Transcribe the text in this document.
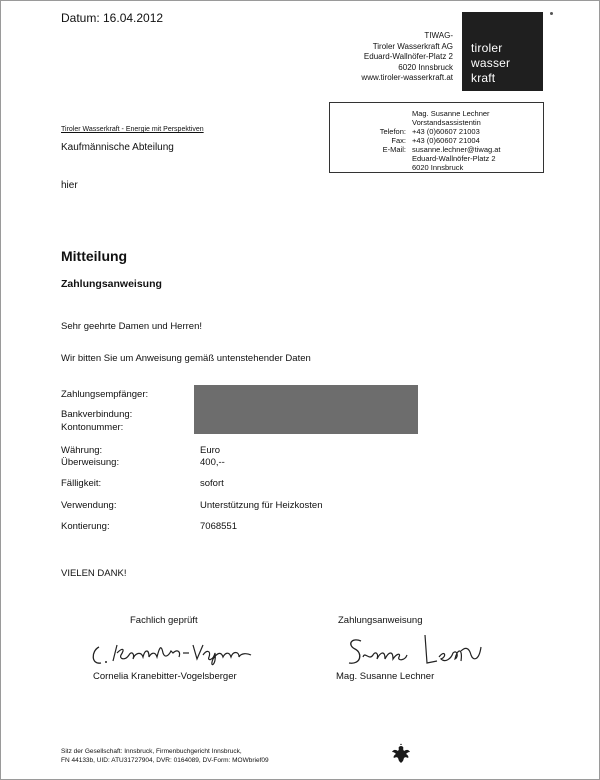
Datum: 16.04.2012
TIWAG-
Tiroler Wasserkraft AG
Eduard-Wallnöfer-Platz 2
6020 Innsbruck
www.tiroler-wasserkraft.at
tiroler
wasser
kraft
Mag. Susanne Lechner
Vorstandsassistentin
Telefon: +43 (0)60607 21003
Fax: +43 (0)60607 21004
E-Mail: susanne.lechner@tiwag.at
Eduard-Wallnöfer-Platz 2
6020 Innsbruck
Tiroler Wasserkraft - Energie mit Perspektiven
Kaufmännische Abteilung
hier
Mitteilung
Zahlungsanweisung
Sehr geehrte Damen und Herren!
Wir bitten Sie um Anweisung gemäß untenstehender Daten
Zahlungsempfänger:
Bankverbindung:
Kontonummer:
Währung:	Euro
Überweisung:	400,--
Fälligkeit:	sofort
Verwendung:	Unterstützung für Heizkosten
Kontierung:	7068551
VIELEN DANK!
Fachlich geprüft
Cornelia Kranebitter-Vogelsberger
Zahlungsanweisung
Mag. Susanne Lechner
Sitz der Gesellschaft: Innsbruck, Firmenbuchgericht Innsbruck,
FN 44133b, UID: ATU31727904, DVR: 0164089, DV-Form: MOWbrief09
